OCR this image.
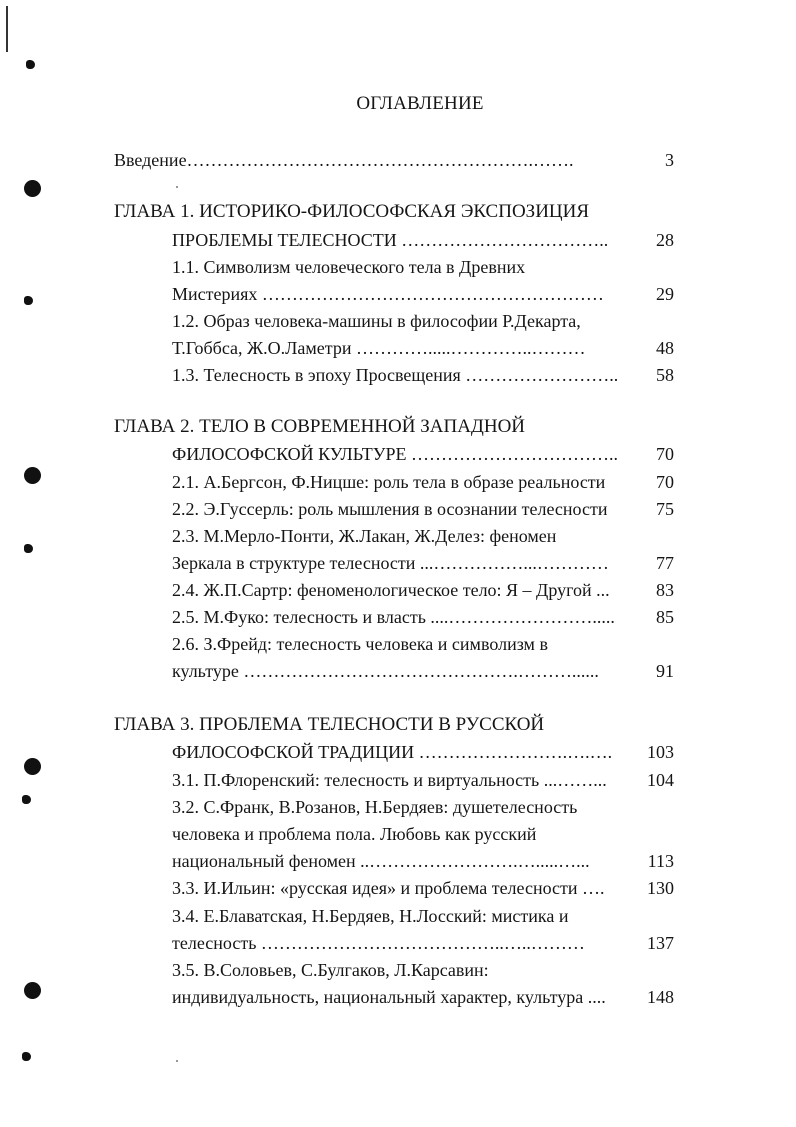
ОГЛАВЛЕНИЕ
Введение………………………………………………….…….	3
ГЛАВА 1. ИСТОРИКО-ФИЛОСОФСКАЯ ЭКСПОЗИЦИЯ
ПРОБЛЕМЫ ТЕЛЕСНОСТИ ……………………………..	28
1.1. Символизм человеческого тела в Древних
Мистериях …………………………………………………	29
1.2. Образ человека-машины в философии Р.Декарта,
Т.Гоббса, Ж.О.Ламетри ………….....…………..………	48
1.3. Телесность в эпоху Просвещения …………………….. 58
ГЛАВА 2. ТЕЛО В СОВРЕМЕННОЙ ЗАПАДНОЙ
ФИЛОСОФСКОЙ КУЛЬТУРЕ …………………………….. 70
2.1. А.Бергсон, Ф.Ницше: роль тела в образе реальности	70
2.2. Э.Гуссерль: роль мышления в осознании телесности	75
2.3. М.Мерло-Понти, Ж.Лакан, Ж.Делез: феномен
Зеркала в структуре телесности ...……………...…………	77
2.4. Ж.П.Сартр: феноменологическое тело: Я – Другой ...	83
2.5. М.Фуко: телесность и власть ....……………………..... 85
2.6. З.Фрейд: телесность человека и символизм в
культуре ……………………………………….………......	91
ГЛАВА 3. ПРОБЛЕМА ТЕЛЕСНОСТИ В РУССКОЙ
ФИЛОСОФСКОЙ ТРАДИЦИИ …………………….….…. 103
3.1. П.Флоренский: телесность и виртуальность ...……... 104
3.2. С.Франк, В.Розанов, Н.Бердяев: душетелесность
человека и проблема пола. Любовь как русский
национальный феномен ..…………………….….....…...	113
3.3. И.Ильин: «русская идея» и проблема телесности …. 130
3.4. Е.Блаватская, Н.Бердяев, Н.Лосский: мистика и
телесность …………………………………..…..………	137
3.5. В.Соловьев, С.Булгаков, Л.Карсавин:
индивидуальность, национальный характер, культура .... 148
